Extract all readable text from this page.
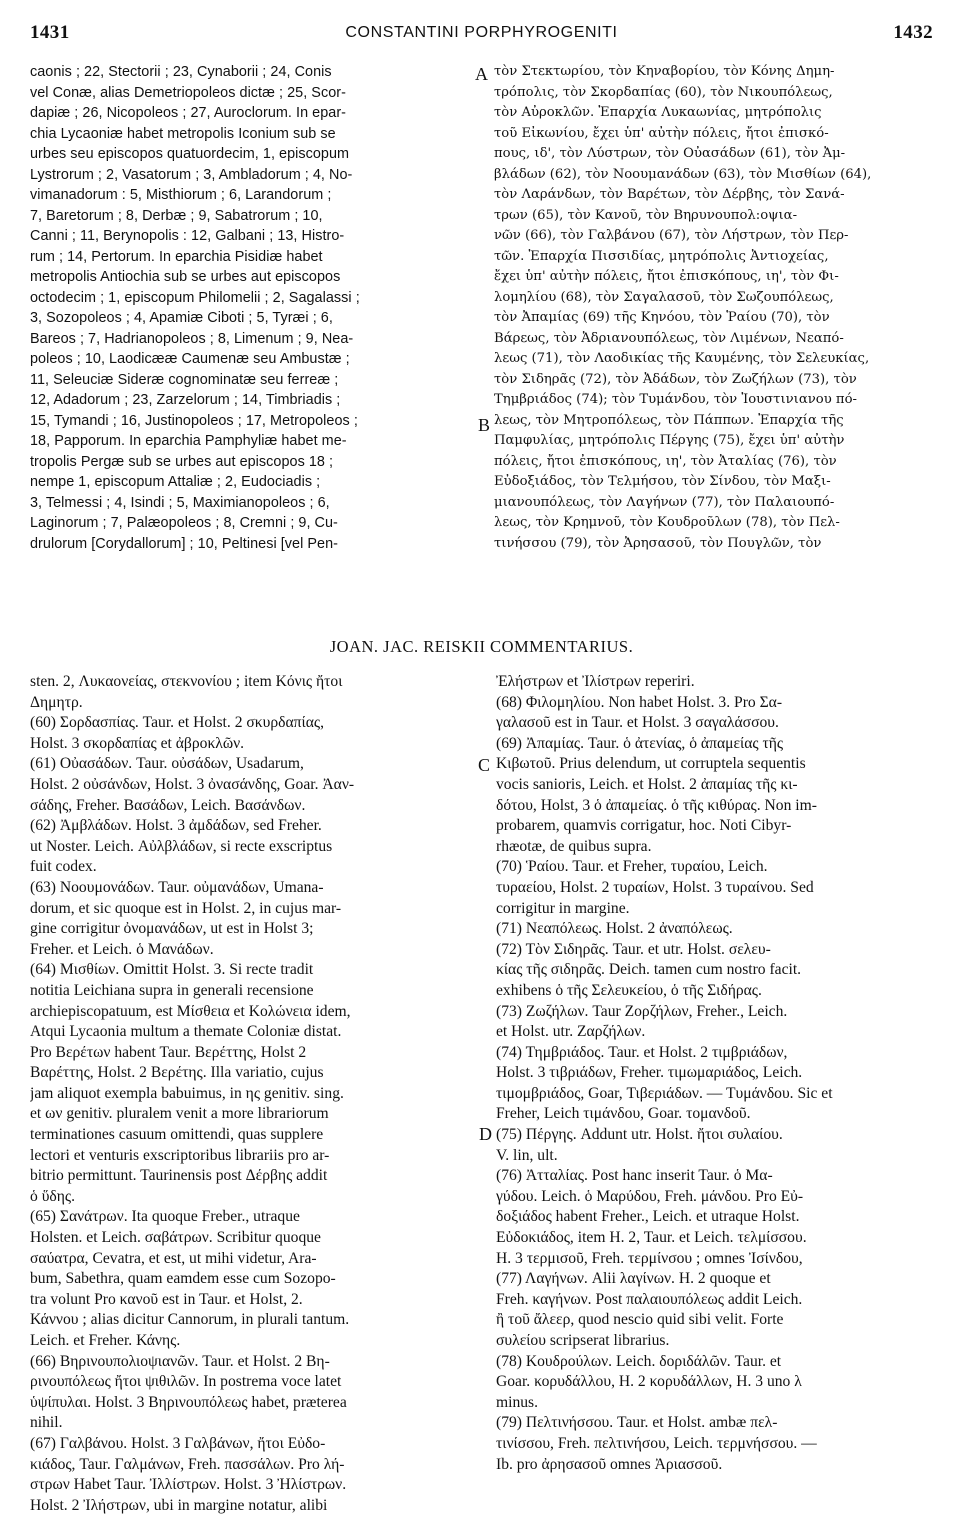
1431	CONSTANTINI PORPHYROGENITI	1432
caonis ; 22, Stectorii ; 23, Cynaborii ; 24, Conis
vel Conæ, alias Demetriopoleos dictæ ; 25, Scor-
dapiæ ; 26, Nicopoleos ; 27, Auroclorum. In epar-
chia Lycaoniæ habet metropolis Iconium sub se
urbes seu episcopos quatuordecim, 1, episcopum
Lystrorum ; 2, Vasatorum ; 3, Ambladorum ; 4, No-
vimanadorum : 5, Misthiorum ; 6, Larandorum ;
7, Baretorum ; 8, Derbæ ; 9, Sabatrorum ; 10,
Canni ; 11, Berynopolis : 12, Galbani ; 13, Histro-
rum ; 14, Pertorum. In eparchia Pisidiæ habet
metropolis Antiochia sub se urbes aut episcopos
octodecim ; 1, episcopum Philomelii ; 2, Sagalassi ;
3, Sozopoleos ; 4, Apamiæ Ciboti ; 5, Tyræi ; 6,
Bareos ; 7, Hadrianopoleos ; 8, Limenum ; 9, Nea-
poleos ; 10, Laodicææ Caumenæ seu Ambustæ ;
11, Seleuciæ Sideræ cognominatæ seu ferreæ ;
12, Adadorum ; 23, Zarzelorum ; 14, Timbriadis ;
15, Tymandi ; 16, Justinopoleos ; 17, Metropoleos ;
18, Papporum. In eparchia Pamphyliæ habet me-
tropolis Pergæ sub se urbes aut episcopos 18 ;
nempe 1, episcopum Attaliæ ; 2, Eudociadis ;
3, Telmessi ; 4, Isindi ; 5, Maximianopoleos ; 6,
Laginorum ; 7, Palæopoleos ; 8, Cremni ; 9, Cu-
drulorum [Corydallorum] ; 10, Peltinesi [vel Pen-
τὸν Στεκτωρίου, τὸν Κηναβορίου, τὸν Κόνης Δημη-
τρόπολις, τὸν Σκορδαπίας (60), τὸν Νικουπόλεως,
τὸν Αὐροκλῶν. Ἐπαρχία Λυκαωνίας, μητρόπολις
τοῦ Εἰκωνίου, ἔχει ὑπ' αὐτὴν πόλεις, ἤτοι ἐπισκό-
πους, ιδ', τὸν Λύστρων, τὸν Οὐασάδων (61), τὸν Ἀμ-
βλάδων (62), τὸν Νοουμανάδων (63), τὸν Μισθίων (64),
τὸν Λαράνδων, τὸν Βαρέτων, τὸν Δέρβης, τὸν Σανά-
τρων (65), τὸν Κανοῦ, τὸν Βηρυνουπολ:οψια-
νῶν (66), τὸν Γαλβάνου (67), τὸν Λήστρων, τὸν Περ-
τῶν. Ἐπαρχία Πισσιδίας, μητρόπολις Ἀντιοχείας,
ἔχει ὑπ' αὐτὴν πόλεις, ἤτοι ἐπισκόπους, ιη', τὸν Φι-
λομηλίου (68), τὸν Σαγαλασοῦ, τὸν Σωζουπόλεως,
τὸν Ἀπαμίας (69) τῆς Κηνόου, τὸν Ῥαίου (70), τὸν
Βάρεως, τὸν Ἀδριανουπόλεως, τὸν Λιμένων, Νεαπό-
λεως (71), τὸν Λαοδικίας τῆς Καυμένης, τὸν Σελευκίας,
τὸν Σιδηρᾶς (72), τὸν Ἀδάδων, τὸν Ζωζήλων (73), τὸν
Τημβριάδος (74); τὸν Τυμάνδου, τὸν Ἰουστινιανου πό-
λεως, τὸν Μητροπόλεως, τὸν Πάππων. Ἐπαρχία τῆς
Παμφυλίας, μητρόπολις Πέργης (75), ἔχει ὑπ' αὐτὴν
πόλεις, ἤτοι ἐπισκόπους, ιη', τὸν Ἀταλίας (76), τὸν
Εὐδοξιάδος, τὸν Τελμήσου, τὸν Σίνδου, τὸν Μαξι-
μιανουπόλεως, τὸν Λαγήνων (77), τὸν Παλαιουπό-
λεως, τὸν Κρημνοῦ, τὸν Κουδροῦλων (78), τὸν Πελ-
τινήσσου (79), τὸν Ἀρησασοῦ, τὸν Πουγλῶν, τὸν
A
B
JOAN. JAC. REISKII COMMENTARIUS.
sten. 2, Λυκαονείας, στεκνονίου ; item Κόνις ἤτοι
Δημητρ.
(60) Σορδασπίας. Taur. et Holst. 2 σκυρδαπίας,
Holst. 3 σκορδαπίας et ἀβροκλῶν.
(61) Οὐασάδων. Taur. οὐσάδων, Usadarum,
Holst. 2 οὐσάνδων, Holst. 3 ὀνασάνδης, Goar. Ἀαν-
σάδης, Freher. Βασάδων, Leich. Βασάνδων.
(62) Ἀμβλάδων. Holst. 3 ἀμδάδων, sed Freher.
ut Noster. Leich. Αὐλβλάδων, si recte exscriptus
fuit codex.
(63) Νοουμονάδων. Taur. οὐμανάδων, Umana-
dorum, et sic quoque est in Holst. 2, in cujus mar-
gine corrigitur ὀνομανάδων, ut est in Holst 3;
Freher. et Leich. ὁ Μανάδων.
(64) Μισθίων. Omittit Holst. 3. Si recte tradit
notitia Leichiana supra in generali recensione
archiepiscopatuum, est Μίσθεια et Κολώνεια idem,
Atqui Lycaonia multum a themate Coloniæ distat.
Pro Βερέτων habent Taur. Βερέττης, Holst 2
Βαρέττης, Holst. 2 Βερέτης. Illa variatio, cujus
jam aliquot exempla babuimus, in ης genitiv. sing.
et ων genitiv. pluralem venit a more librariorum
terminationes casuum omittendi, quas supplere
lectori et venturis exscriptoribus librariis pro ar-
bitrio permittunt. Taurinensis post Δέρβης addit
ὁ ὕδης.
(65) Σανάτρων. Ita quoque Freber., utraque
Holsten. et Leich. σαβάτρων. Scribitur quoque
σαύατρα, Cevatra, et est, ut mihi videtur, Ara-
bum, Sabethra, quam eamdem esse cum Sozopo-
tra volunt Pro κανοῦ est in Taur. et Holst, 2.
Κάννου ; alias dicitur Cannorum, in plurali tantum.
Leich. et Freher. Κάνης.
(66) Βηρινουπολιοψιανῶν. Taur. et Holst. 2 Βη-
ρινουπόλεως ἤτοι ψιθιλῶν. In postrema voce latet
ὑψίπυλαι. Holst. 3 Βηρινουπόλεως habet, præterea
nihil.
(67) Γαλβάνου. Holst. 3 Γαλβάνων, ἤτοι Εὐδο-
κιάδος, Taur. Γαλμάνων, Freh. πασσάλων. Pro λή-
στρων Habet Taur. Ἰλλίστρων. Holst. 3 Ἠλίστρων.
Holst. 2 Ἰλήστρων, ubi in margine notatur, alibi
Ἐλήστρων et Ἰλίστρων reperiri.
(68) Φιλομηλίου. Non habet Holst. 3. Pro Σα-
γαλασοῦ est in Taur. et Holst. 3 σαγαλάσσου.
(69) Ἀπαμίας. Taur. ὁ ἀτενίας, ὁ ἀπαμείας τῆς
Κιβωτοῦ. Prius delendum, ut corruptela sequentis
vocis sanioris, Leich. et Holst. 2 ἀπαμίας τῆς κι-
δότου, Holst, 3 ὁ ἀπαμείας. ὁ τῆς κιθύρας. Non im-
probarem, quamvis corrigatur, hoc. Noti Cibyr-
rhæotæ, de quibus supra.
(70) Ῥαίου. Taur. et Freher, τυραίου, Leich.
τυραείου, Holst. 2 τυραίων, Holst. 3 τυραίνου. Sed
corrigitur in margine.
(71) Νεαπόλεως. Holst. 2 ἀναπόλεως.
(72) Τὸν Σιδηρᾶς. Taur. et utr. Holst. σελευ-
κίας τῆς σιδηρᾶς. Deich. tamen cum nostro facit.
exhibens ὁ τῆς Σελευκείου, ὁ τῆς Σιδήρας.
(73) Ζωζήλων. Taur Ζορζήλων, Freher., Leich.
et Holst. utr. Ζαρζήλων.
(74) Τημβριάδος. Taur. et Holst. 2 τιμβριάδων,
Holst. 3 τιβριάδων, Freher. τιμωμαριάδος, Leich.
τιμομβριάδος, Goar, Τιβεριάδων. — Τυμάνδου. Sic et
Freher, Leich τιμάνδου, Goar. τομανδοῦ.
(75) Πέργης. Addunt utr. Holst. ἤτοι συλαίου.
V. lin, ult.
(76) Ἀτταλίας. Post hanc inserit Taur. ὁ Μα-
γύδου. Leich. ὁ Μαρύδου, Freh. μάνδου. Pro Εὐ-
δοξιάδος habent Freher., Leich. et utraque Holst.
Εὐδοκιάδος, item H. 2, Taur. et Leich. τελμίσσου.
H. 3 τερμισοῦ, Freh. τερμίνσου ; omnes Ἰσίνδου,
(77) Λαγήνων. Alii λαγίνων. H. 2 quoque et
Freh. καγήνων. Post παλαιουπόλεως addit Leich.
ἢ τοῦ ἄλεερ, quod nescio quid sibi velit. Forte
συλείου scripserat librarius.
(78) Κουδρούλων. Leich. δοριδάλῶν. Taur. et
Goar. κορυδάλλου, H. 2 κορυδάλλων, H. 3 uno λ
minus.
(79) Πελτινήσσου. Taur. et Holst. ambæ πελ-
τινίσσου, Freh. πελτινήσου, Leich. τερμνήσσου. —
Ib. pro ἀρησασοῦ omnes Ἀριασσοῦ.
C
D
